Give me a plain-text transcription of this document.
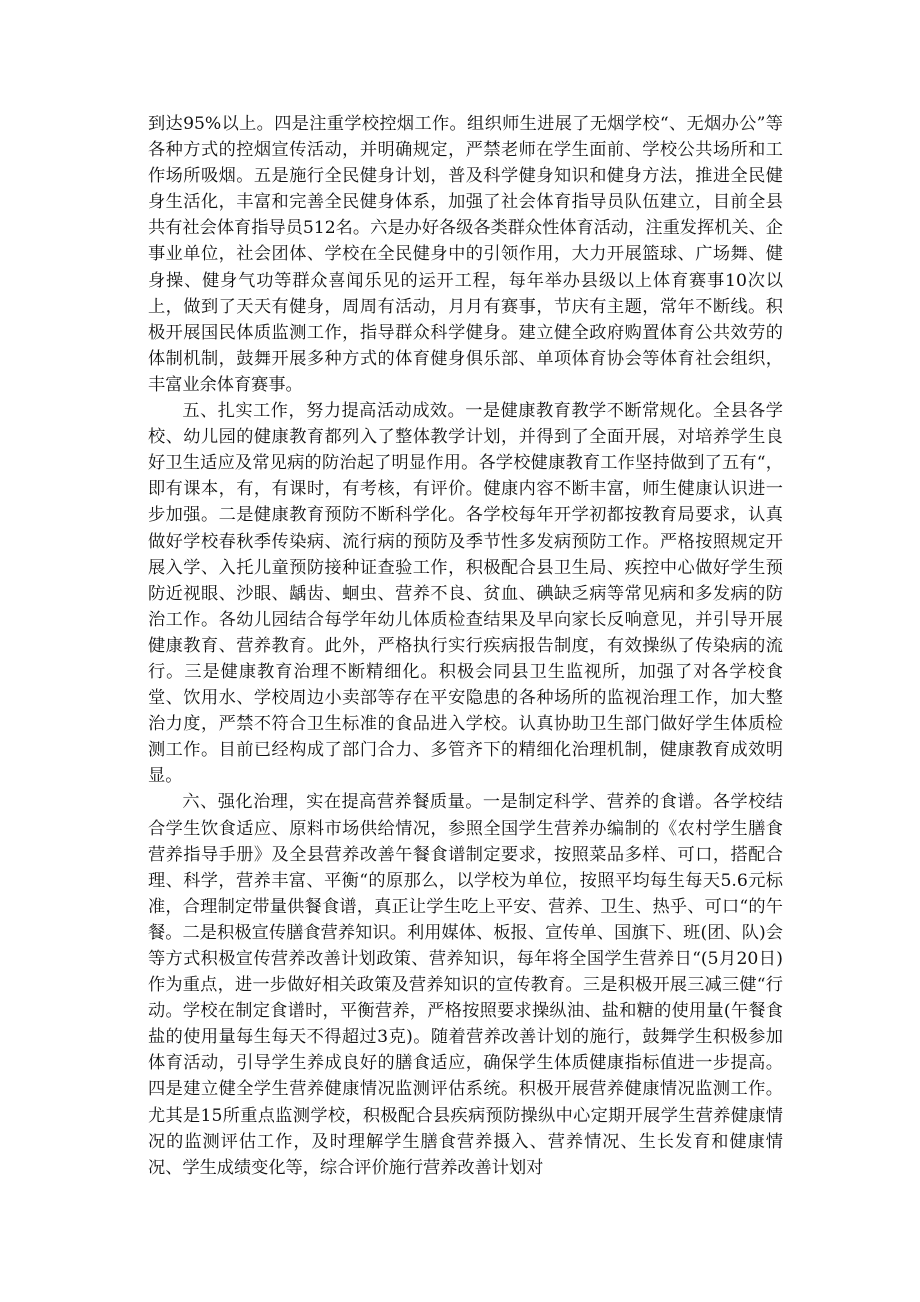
到达95%以上。四是注重学校控烟工作。组织师生进展了无烟学校“、无烟办公”等各种方式的控烟宣传活动，并明确规定，严禁老师在学生面前、学校公共场所和工作场所吸烟。五是施行全民健身计划，普及科学健身知识和健身方法，推进全民健身生活化，丰富和完善全民健身体系，加强了社会体育指导员队伍建立，目前全县共有社会体育指导员512名。六是办好各级各类群众性体育活动，注重发挥机关、企事业单位，社会团体、学校在全民健身中的引领作用，大力开展篮球、广场舞、健身操、健身气功等群众喜闻乐见的运开工程，每年举办县级以上体育赛事10次以上，做到了天天有健身，周周有活动，月月有赛事，节庆有主题，常年不断线。积极开展国民体质监测工作，指导群众科学健身。建立健全政府购置体育公共效劳的体制机制，鼓舞开展多种方式的体育健身俱乐部、单项体育协会等体育社会组织，丰富业余体育赛事。

五、扎实工作，努力提高活动成效。一是健康教育教学不断常规化。全县各学校、幼儿园的健康教育都列入了整体教学计划，并得到了全面开展，对培养学生良好卫生适应及常见病的防治起了明显作用。各学校健康教育工作坚持做到了五有“，即有课本，有，有课时，有考核，有评价。健康内容不断丰富，师生健康认识进一步加强。二是健康教育预防不断科学化。各学校每年开学初都按教育局要求，认真做好学校春秋季传染病、流行病的预防及季节性多发病预防工作。严格按照规定开展入学、入托儿童预防接种证查验工作，积极配合县卫生局、疾控中心做好学生预防近视眼、沙眼、龋齿、蛔虫、营养不良、贫血、碘缺乏病等常见病和多发病的防治工作。各幼儿园结合每学年幼儿体质检查结果及早向家长反响意见，并引导开展健康教育、营养教育。此外，严格执行实行疾病报告制度，有效操纵了传染病的流行。三是健康教育治理不断精细化。积极会同县卫生监视所，加强了对各学校食堂、饮用水、学校周边小卖部等存在平安隐患的各种场所的监视治理工作，加大整治力度，严禁不符合卫生标准的食品进入学校。认真协助卫生部门做好学生体质检测工作。目前已经构成了部门合力、多管齐下的精细化治理机制，健康教育成效明显。

六、强化治理，实在提高营养餐质量。一是制定科学、营养的食谱。各学校结合学生饮食适应、原料市场供给情况，参照全国学生营养办编制的《农村学生膳食营养指导手册》及全县营养改善午餐食谱制定要求，按照菜品多样、可口，搭配合理、科学，营养丰富、平衡“的原那么，以学校为单位，按照平均每生每天5.6元标准，合理制定带量供餐食谱，真正让学生吃上平安、营养、卫生、热乎、可口“的午餐。二是积极宣传膳食营养知识。利用媒体、板报、宣传单、国旗下、班(团、队)会等方式积极宣传营养改善计划政策、营养知识，每年将全国学生营养日“(5月20日)作为重点，进一步做好相关政策及营养知识的宣传教育。三是积极开展三减三健“行动。学校在制定食谱时，平衡营养，严格按照要求操纵油、盐和糖的使用量(午餐食盐的使用量每生每天不得超过3克)。随着营养改善计划的施行，鼓舞学生积极参加体育活动，引导学生养成良好的膳食适应，确保学生体质健康指标值进一步提高。四是建立健全学生营养健康情况监测评估系统。积极开展营养健康情况监测工作。尤其是15所重点监测学校，积极配合县疾病预防操纵中心定期开展学生营养健康情况的监测评估工作，及时理解学生膳食营养摄入、营养情况、生长发育和健康情况、学生成绩变化等，综合评价施行营养改善计划对
